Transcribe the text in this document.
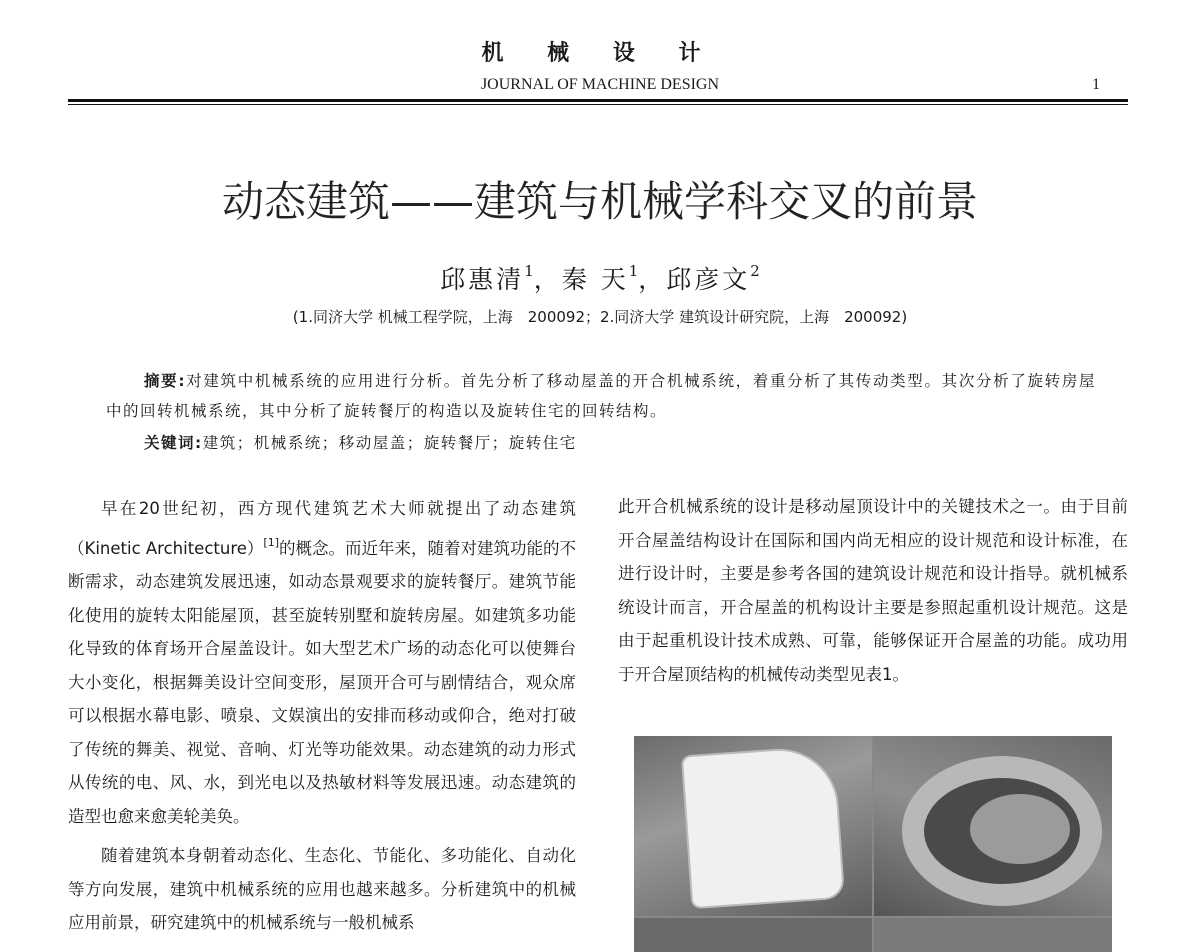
机 械 设 计
JOURNAL OF MACHINE DESIGN	1
动态建筑——建筑与机械学科交叉的前景
邱惠清$^1$，秦 天$^1$，邱彦文$^2$
(1.同济大学 机械工程学院，上海　200092；2.同济大学 建筑设计研究院，上海　200092)
摘要:对建筑中机械系统的应用进行分析。首先分析了移动屋盖的开合机械系统，着重分析了其传动类型。其次分析了旋转房屋中的回转机械系统，其中分析了旋转餐厅的构造以及旋转住宅的回转结构。
关键词:建筑；机械系统；移动屋盖；旋转餐厅；旋转住宅

早在20世纪初，西方现代建筑艺术大师就提出了动态建筑（Kinetic Architecture）[1]的概念。而近年来，随着对建筑功能的不断需求，动态建筑发展迅速，如动态景观要求的旋转餐厅。建筑节能化使用的旋转太阳能屋顶，甚至旋转别墅和旋转房屋。如建筑多功能化导致的体育场开合屋盖设计。如大型艺术广场的动态化可以使舞台大小变化，根据舞美设计空间变形，屋顶开合可与剧情结合，观众席可以根据水幕电影、喷泉、文娱演出的安排而移动或仰合，绝对打破了传统的舞美、视觉、音响、灯光等功能效果。动态建筑的动力形式从传统的电、风、水，到光电以及热敏材料等发展迅速。动态建筑的造型也愈来愈美轮美奂。

随着建筑本身朝着动态化、生态化、节能化、多功能化、自动化等方向发展，建筑中机械系统的应用也越来越多。分析建筑中的机械应用前景，研究建筑中的机械系统与一般机械系

此开合机械系统的设计是移动屋顶设计中的关键技术之一。由于目前开合屋盖结构设计在国际和国内尚无相应的设计规范和设计标准，在进行设计时，主要是参考各国的建筑设计规范和设计指导。就机械系统设计而言，开合屋盖的机构设计主要是参照起重机设计规范。这是由于起重机设计技术成熟、可靠，能够保证开合屋盖的功能。成功用于开合屋顶结构的机械传动类型见表1。
